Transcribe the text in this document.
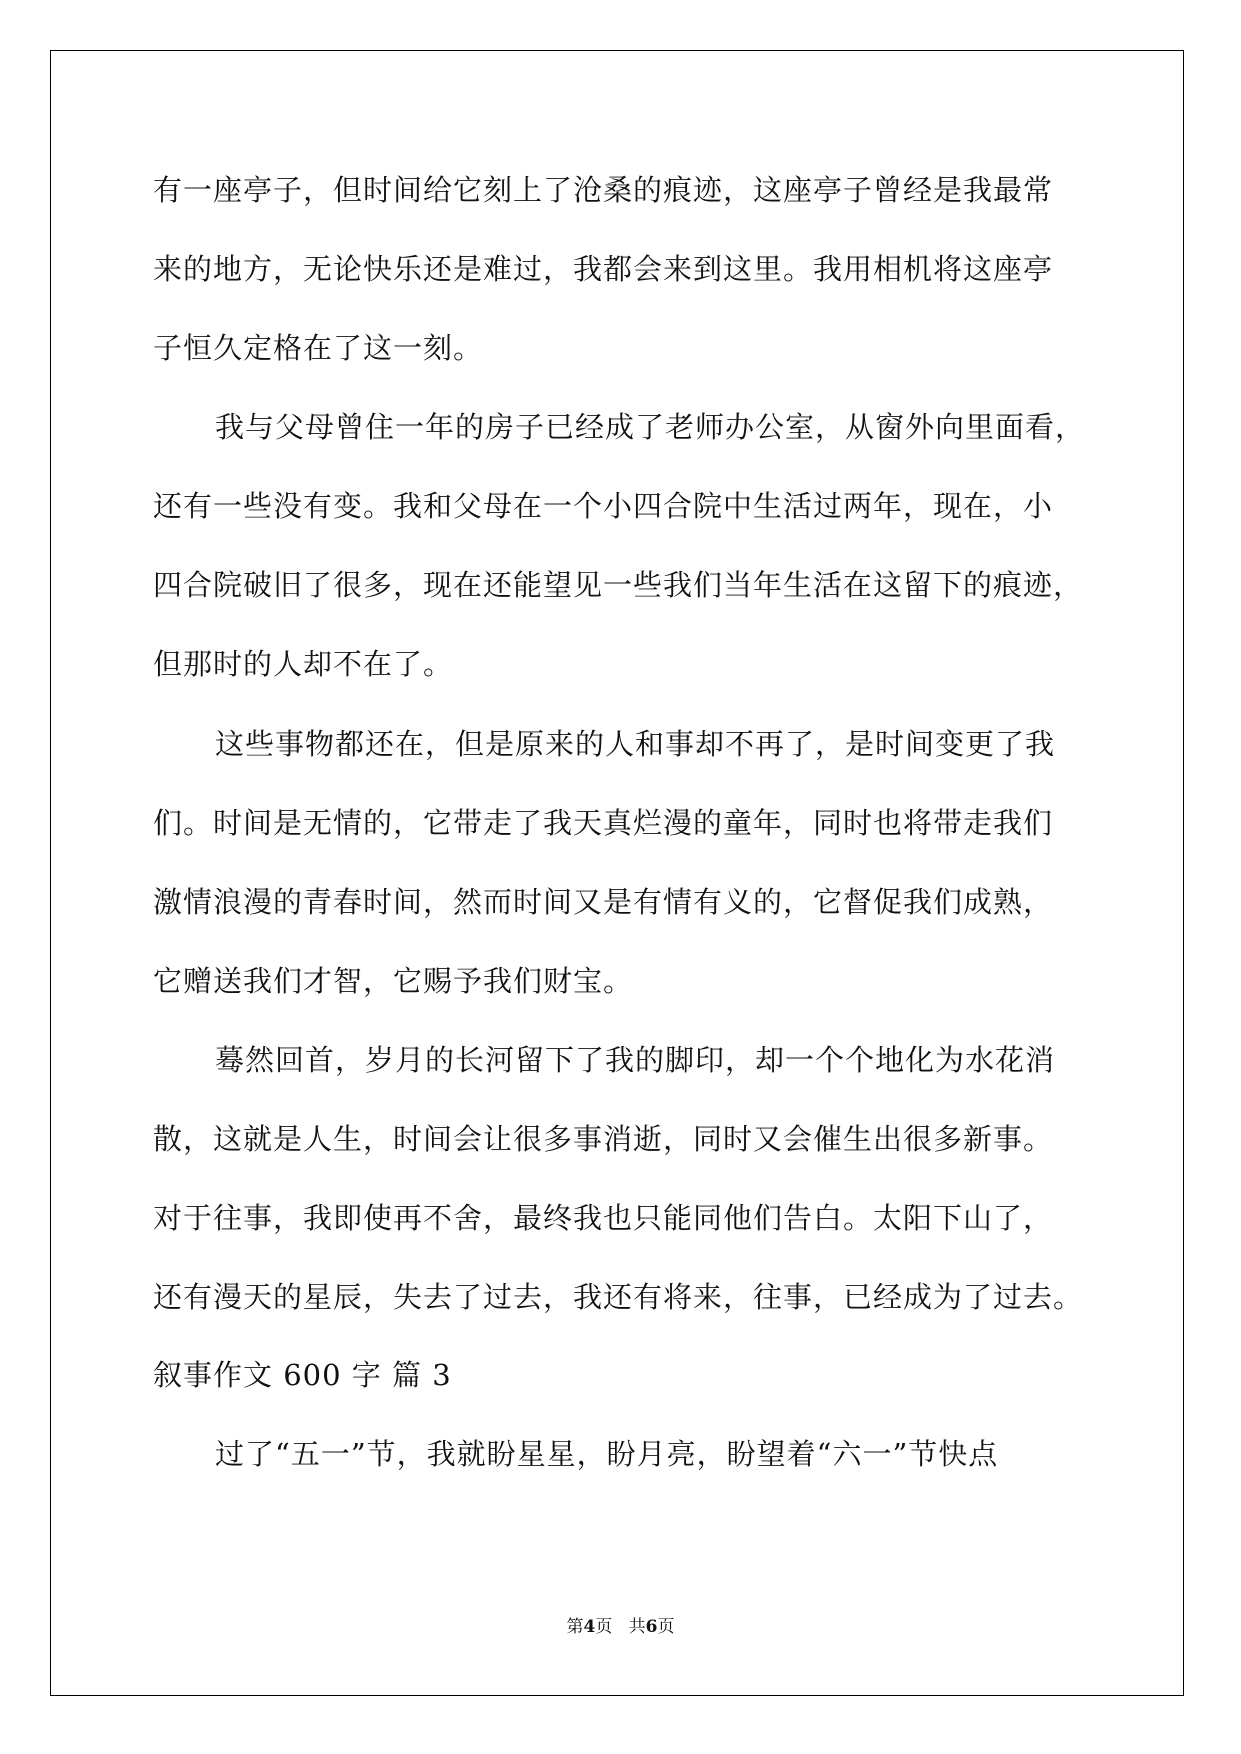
有一座亭子，但时间给它刻上了沧桑的痕迹，这座亭子曾经是我最常
来的地方，无论快乐还是难过，我都会来到这里。我用相机将这座亭
子恒久定格在了这一刻。
我与父母曾住一年的房子已经成了老师办公室，从窗外向里面看，
还有一些没有变。我和父母在一个小四合院中生活过两年，现在，小
四合院破旧了很多，现在还能望见一些我们当年生活在这留下的痕迹，
但那时的人却不在了。
这些事物都还在，但是原来的人和事却不再了，是时间变更了我
们。时间是无情的，它带走了我天真烂漫的童年，同时也将带走我们
激情浪漫的青春时间，然而时间又是有情有义的，它督促我们成熟，
它赠送我们才智，它赐予我们财宝。
蓦然回首，岁月的长河留下了我的脚印，却一个个地化为水花消
散，这就是人生，时间会让很多事消逝，同时又会催生出很多新事。
对于往事，我即使再不舍，最终我也只能同他们告白。太阳下山了，
还有漫天的星辰，失去了过去，我还有将来，往事，已经成为了过去。
叙事作文 600 字 篇 3
过了“五一”节，我就盼星星，盼月亮，盼望着“六一”节快点
第4页   共6页
